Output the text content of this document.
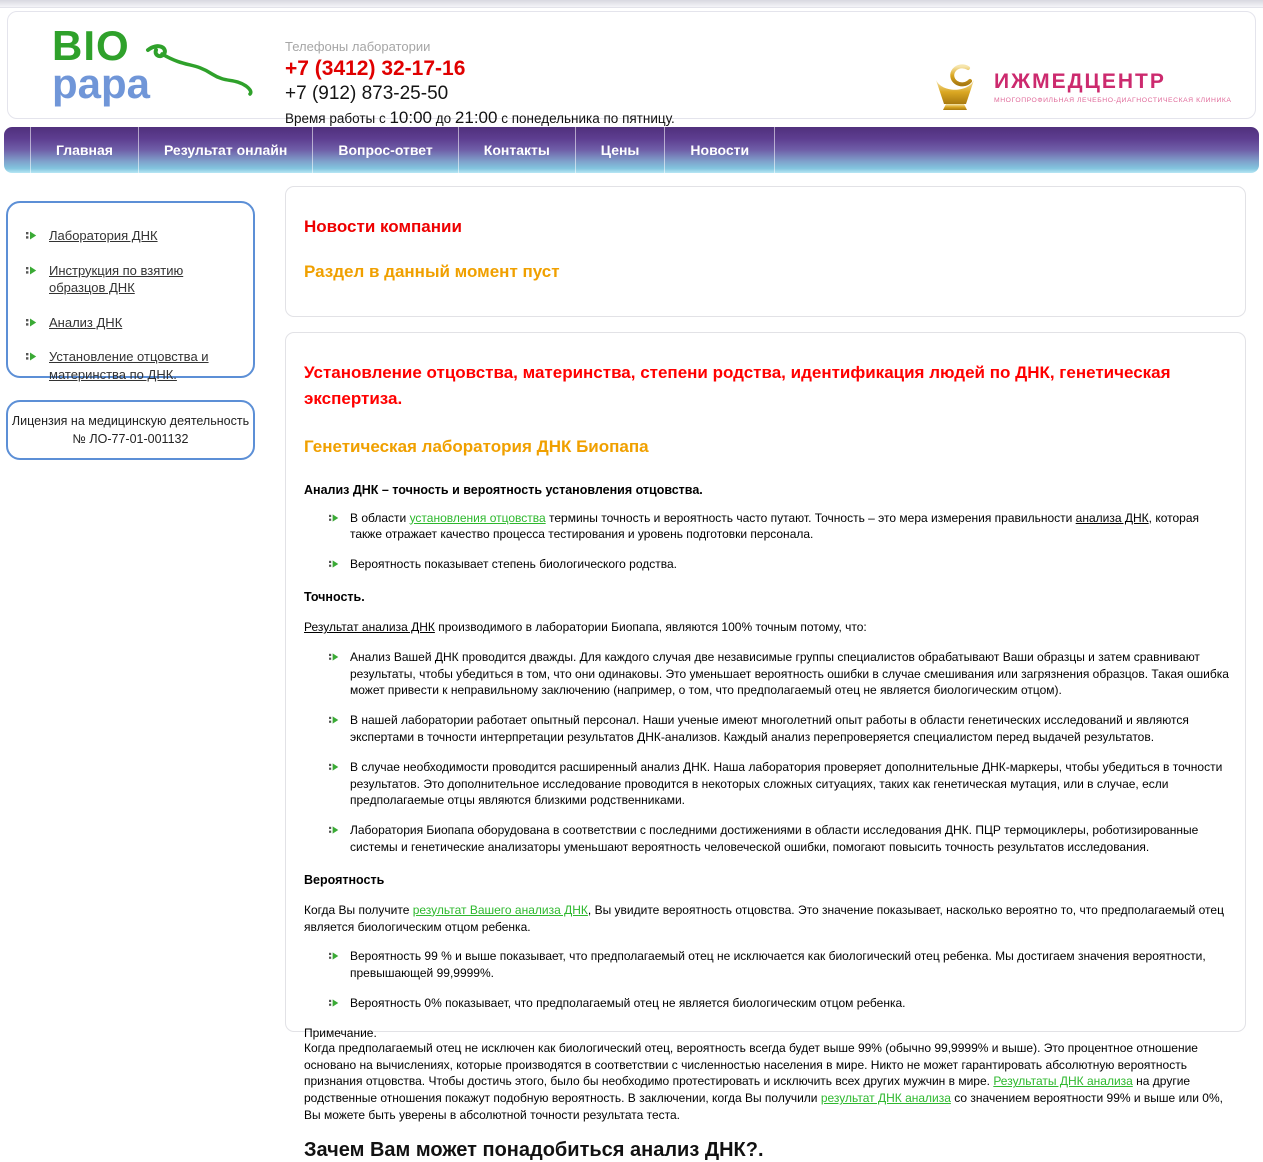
BIO
papa
Телефоны лаборатории
+7 (3412) 32-17-16
+7 (912) 873-25-50
Время работы с 10:00 до 21:00 с понедельника по пятницу.
ИЖМЕДЦЕНТР
МНОГОПРОФИЛЬНАЯ ЛЕЧЕБНО-ДИАГНОСТИЧЕСКАЯ КЛИНИКА
Главная	Результат онлайн	Вопрос-ответ	Контакты	Цены	Новости
Лаборатория ДНК
Инструкция по взятию образцов ДНК
Анализ ДНК
Установление отцовства и материнства по ДНК.
Лицензия на медицинскую деятельность
№ ЛО-77-01-001132
Новости компании
Раздел в данный момент пуст
Установление отцовства, материнства, степени родства, идентификация людей по ДНК, генетическая экспертиза.
Генетическая лаборатория ДНК Биопапа
Анализ ДНК – точность и вероятность установления отцовства.
В области установления отцовства термины точность и вероятность часто путают. Точность – это мера измерения правильности анализа ДНК, которая также отражает качество процесса тестирования и уровень подготовки персонала.
Вероятность показывает степень биологического родства.
Точность.

Результат анализа ДНК производимого в лаборатории Биопапа, являются 100% точным потому, что:

Анализ Вашей ДНК проводится дважды. Для каждого случая две независимые группы специалистов обрабатывают Ваши образцы и затем сравнивают результаты, чтобы убедиться в том, что они одинаковы. Это уменьшает вероятность ошибки в случае смешивания или загрязнения образцов. Такая ошибка может привести к неправильному заключению (например, о том, что предполагаемый отец не является биологическим отцом).
В нашей лаборатории работает опытный персонал. Наши ученые имеют многолетний опыт работы в области генетических исследований и являются экспертами в точности интерпретации результатов ДНК-анализов. Каждый анализ перепроверяется специалистом перед выдачей результатов.
В случае необходимости проводится расширенный анализ ДНК. Наша лаборатория проверяет дополнительные ДНК-маркеры, чтобы убедиться в точности результатов. Это дополнительное исследование проводится в некоторых сложных ситуациях, таких как генетическая мутация, или в случае, если предполагаемые отцы являются близкими родственниками.
Лаборатория Биопапа оборудована в соответствии с последними достижениями в области исследования ДНК. ПЦР термоциклеры, роботизированные системы и генетические анализаторы уменьшают вероятность человеческой ошибки, помогают повысить точность результатов исследования.
Вероятность

Когда Вы получите результат Вашего анализа ДНК, Вы увидите вероятность отцовства. Это значение показывает, насколько вероятно то, что предполагаемый отец является биологическим отцом ребенка.

Вероятность 99 % и выше показывает, что предполагаемый отец не исключается как биологический отец ребенка. Мы достигаем значения вероятности, превышающей 99,9999%.
Вероятность 0% показывает, что предполагаемый отец не является биологическим отцом ребенка.
Примечание.

Когда предполагаемый отец не исключен как биологический отец, вероятность всегда будет выше 99% (обычно 99,9999% и выше). Это процентное отношение основано на вычислениях, которые производятся в соответствии с численностью населения в мире. Никто не может гарантировать абсолютную вероятность признания отцовства. Чтобы достичь этого, было бы необходимо протестировать и исключить всех других мужчин в мире. Результаты ДНК анализа на другие родственные отношения покажут подобную вероятность. В заключении, когда Вы получили результат ДНК анализа со значением вероятности 99% и выше или 0%, Вы можете быть уверены в абсолютной точности результата теста.

Зачем Вам может понадобиться анализ ДНК?.
